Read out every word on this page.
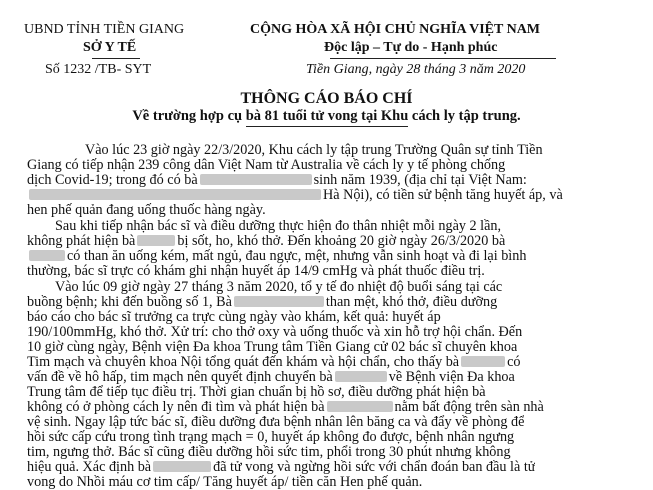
UBND TỈNH TIỀN GIANG
SỞ Y TẾ
Số 1232 /TB- SYT
CỘNG HÒA XÃ HỘI CHỦ NGHĨA VIỆT NAM
Độc lập – Tự do - Hạnh phúc
Tiền Giang, ngày 28 tháng 3 năm 2020
THÔNG CÁO BÁO CHÍ
Về trường hợp cụ bà 81 tuổi tử vong tại Khu cách ly tập trung.
Vào lúc 23 giờ ngày 22/3/2020, Khu cách ly tập trung Trường Quân sự tỉnh Tiền
Giang có tiếp nhận 239 công dân Việt Nam từ Australia về cách ly y tế phòng chống
dịch Covid-19; trong đó có bà	sinh năm 1939, (địa chỉ tại Việt Nam:
Hà Nội), có tiền sử bệnh tăng huyết áp, và
hen phế quản đang uống thuốc hàng ngày.
Sau khi tiếp nhận bác sĩ và điều dưỡng thực hiện đo thân nhiệt mỗi ngày 2 lần,
không phát hiện bà	bị sốt, ho, khó thở. Đến khoảng 20 giờ ngày 26/3/2020 bà
có than ăn uống kém, mất ngủ, đau ngực, mệt, nhưng vẫn sinh hoạt và đi lại bình
thường, bác sĩ trực có khám ghi nhận huyết áp 14/9 cmHg và phát thuốc điều trị.
Vào lúc 09 giờ ngày 27 tháng 3 năm 2020, tổ y tế đo nhiệt độ buổi sáng tại các
buồng bệnh; khi đến buồng số 1, Bà	than mệt, khó thở, điều dưỡng
báo cáo cho bác sĩ trưởng ca trực cùng ngày vào khám, kết quả: huyết áp
190/100mmHg, khó thở. Xử trí: cho thở oxy và uống thuốc và xin hỗ trợ hội chẩn. Đến
10 giờ cùng ngày, Bệnh viện Đa khoa Trung tâm Tiền Giang cử 02 bác sĩ chuyên khoa
Tim mạch và chuyên khoa Nội tổng quát đến khám và hội chẩn, cho thấy bà	có
vấn đề về hô hấp, tim mạch nên quyết định chuyển bà	về Bệnh viện Đa khoa
Trung tâm để tiếp tục điều trị. Thời gian chuẩn bị hồ sơ, điều dưỡng phát hiện bà
không có ở phòng cách ly nên đi tìm và phát hiện bà	nằm bất động trên sàn nhà
vệ sinh. Ngay lập tức bác sĩ, điều dưỡng đưa bệnh nhân lên băng ca và đẩy về phòng để
hồi sức cấp cứu trong tình trạng mạch = 0, huyết áp không đo được, bệnh nhân ngưng
tim, ngưng thở. Bác sĩ cũng điều dưỡng hồi sức tim, phổi trong 30 phút nhưng không
hiệu quả. Xác định bà	đã tử vong và ngừng hồi sức với chẩn đoán ban đầu là tử
vong do Nhồi máu cơ tim cấp/ Tăng huyết áp/ tiền căn Hen phế quản.
